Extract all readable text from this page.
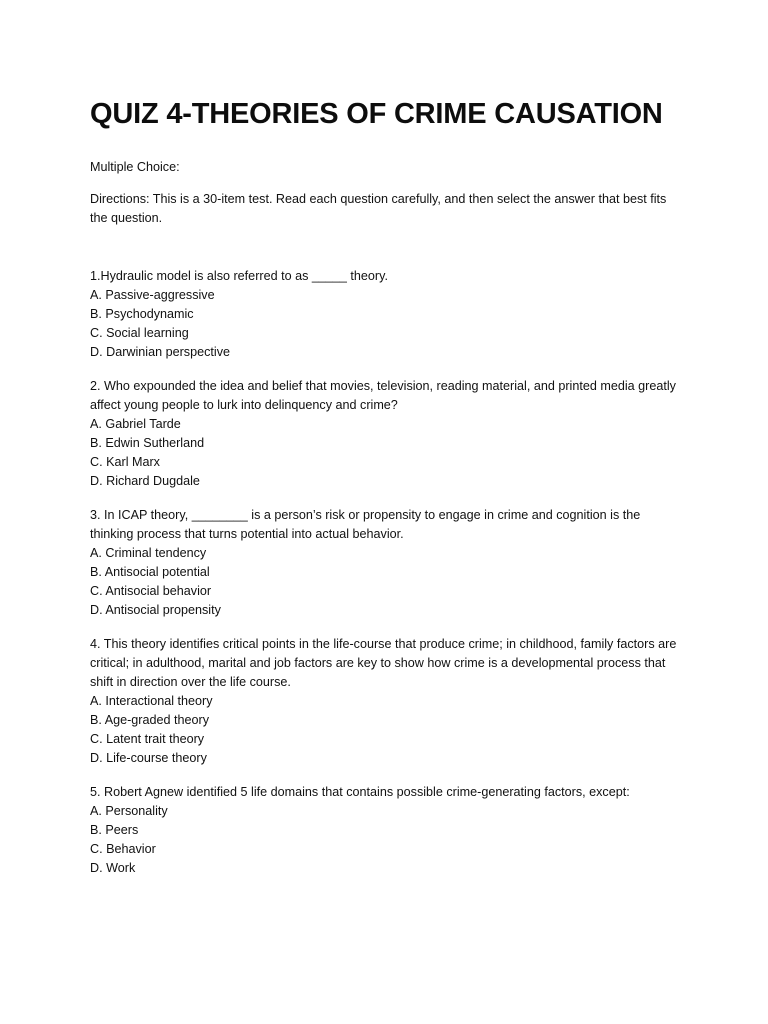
QUIZ 4-THEORIES OF CRIME CAUSATION

Multiple Choice:

Directions: This is a 30-item test. Read each question carefully, and then select the answer that best fits the question.

1.Hydraulic model is also referred to as _____ theory.
A. Passive-aggressive
B. Psychodynamic
C. Social learning
D. Darwinian perspective
2. Who expounded the idea and belief that movies, television, reading material, and printed media greatly affect young people to lurk into delinquency and crime?
A. Gabriel Tarde
B. Edwin Sutherland
C. Karl Marx
D. Richard Dugdale
3. In ICAP theory, ________ is a person’s risk or propensity to engage in crime and cognition is the thinking process that turns potential into actual behavior.
A. Criminal tendency
B. Antisocial potential
C. Antisocial behavior
D. Antisocial propensity
4. This theory identifies critical points in the life-course that produce crime; in childhood, family factors are critical; in adulthood, marital and job factors are key to show how crime is a developmental process that shift in direction over the life course.
A. Interactional theory
B. Age-graded theory
C. Latent trait theory
D. Life-course theory
5. Robert Agnew identified 5 life domains that contains possible crime-generating factors, except:
A. Personality
B. Peers
C. Behavior
D. Work
